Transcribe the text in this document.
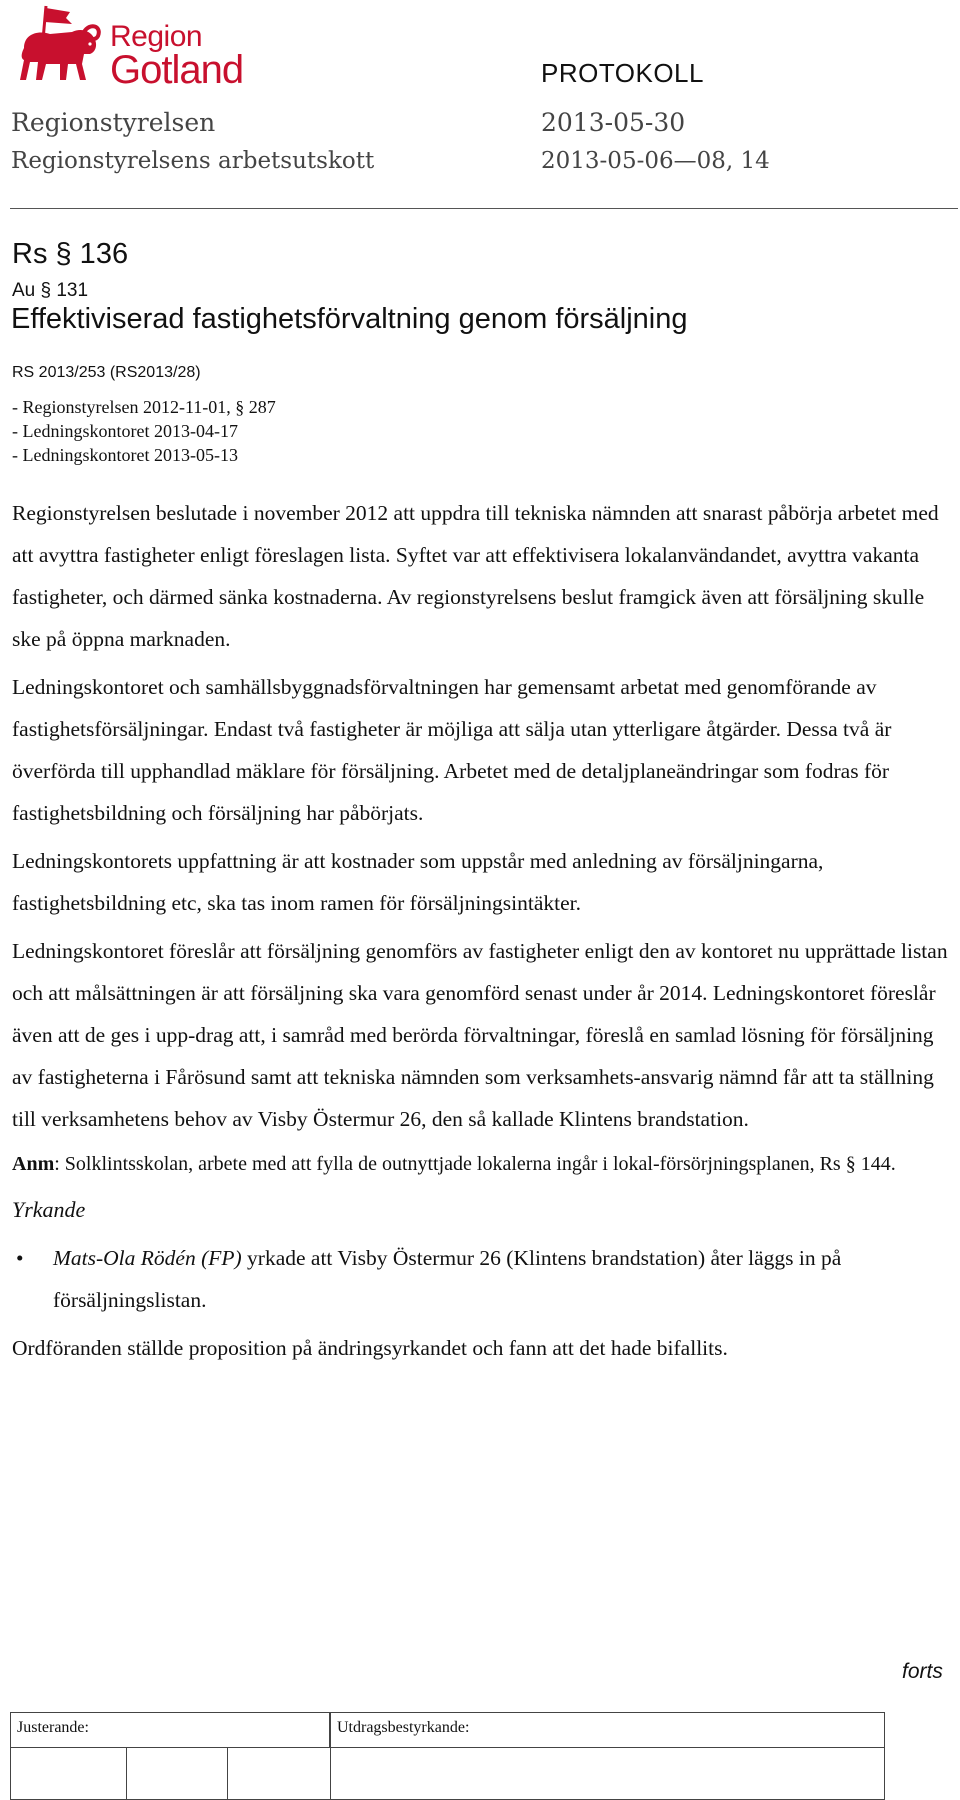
Region
Gotland	PROTOKOLL
Regionstyrelsen
Regionstyrelsens arbetsutskott
2013-05-30
2013-05-06—08, 14
Rs § 136
Au § 131
Effektiviserad fastighetsförvaltning genom försäljning
RS 2013/253 (RS2013/28)
- Regionstyrelsen 2012-11-01, § 287
- Ledningskontoret 2013-04-17
- Ledningskontoret 2013-05-13

Regionstyrelsen beslutade i november 2012 att uppdra till tekniska nämnden att snarast påbörja arbetet med att avyttra fastigheter enligt föreslagen lista. Syftet var att effektivisera lokalanvändandet, avyttra vakanta fastigheter, och därmed sänka kostnaderna. Av regionstyrelsens beslut framgick även att försäljning skulle ske på öppna marknaden.

Ledningskontoret och samhällsbyggnadsförvaltningen har gemensamt arbetat med genomförande av fastighetsförsäljningar. Endast två fastigheter är möjliga att sälja utan ytterligare åtgärder. Dessa två är överförda till upphandlad mäklare för försäljning. Arbetet med de detaljplaneändringar som fodras för fastighetsbildning och försäljning har påbörjats.

Ledningskontorets uppfattning är att kostnader som uppstår med anledning av försäljningarna, fastighetsbildning etc, ska tas inom ramen för försäljningsintäkter.

Ledningskontoret föreslår att försäljning genomförs av fastigheter enligt den av kontoret nu upprättade listan och att målsättningen är att försäljning ska vara genomförd senast under år 2014. Ledningskontoret föreslår även att de ges i upp-drag att, i samråd med berörda förvaltningar, föreslå en samlad lösning för försäljning av fastigheterna i Fårösund samt att tekniska nämnden som verksamhets-ansvarig nämnd får att ta ställning till verksamhetens behov av Visby Östermur 26, den så kallade Klintens brandstation.

Anm: Solklintsskolan, arbete med att fylla de outnyttjade lokalerna ingår i lokal-försörjningsplanen, Rs § 144.

Yrkande

• Mats-Ola Rödén (FP) yrkade att Visby Östermur 26 (Klintens brandstation) åter läggs in på försäljningslistan.

Ordföranden ställde proposition på ändringsyrkandet och fann att det hade bifallits.

forts
Justerande:	Utdragsbestyrkande:
